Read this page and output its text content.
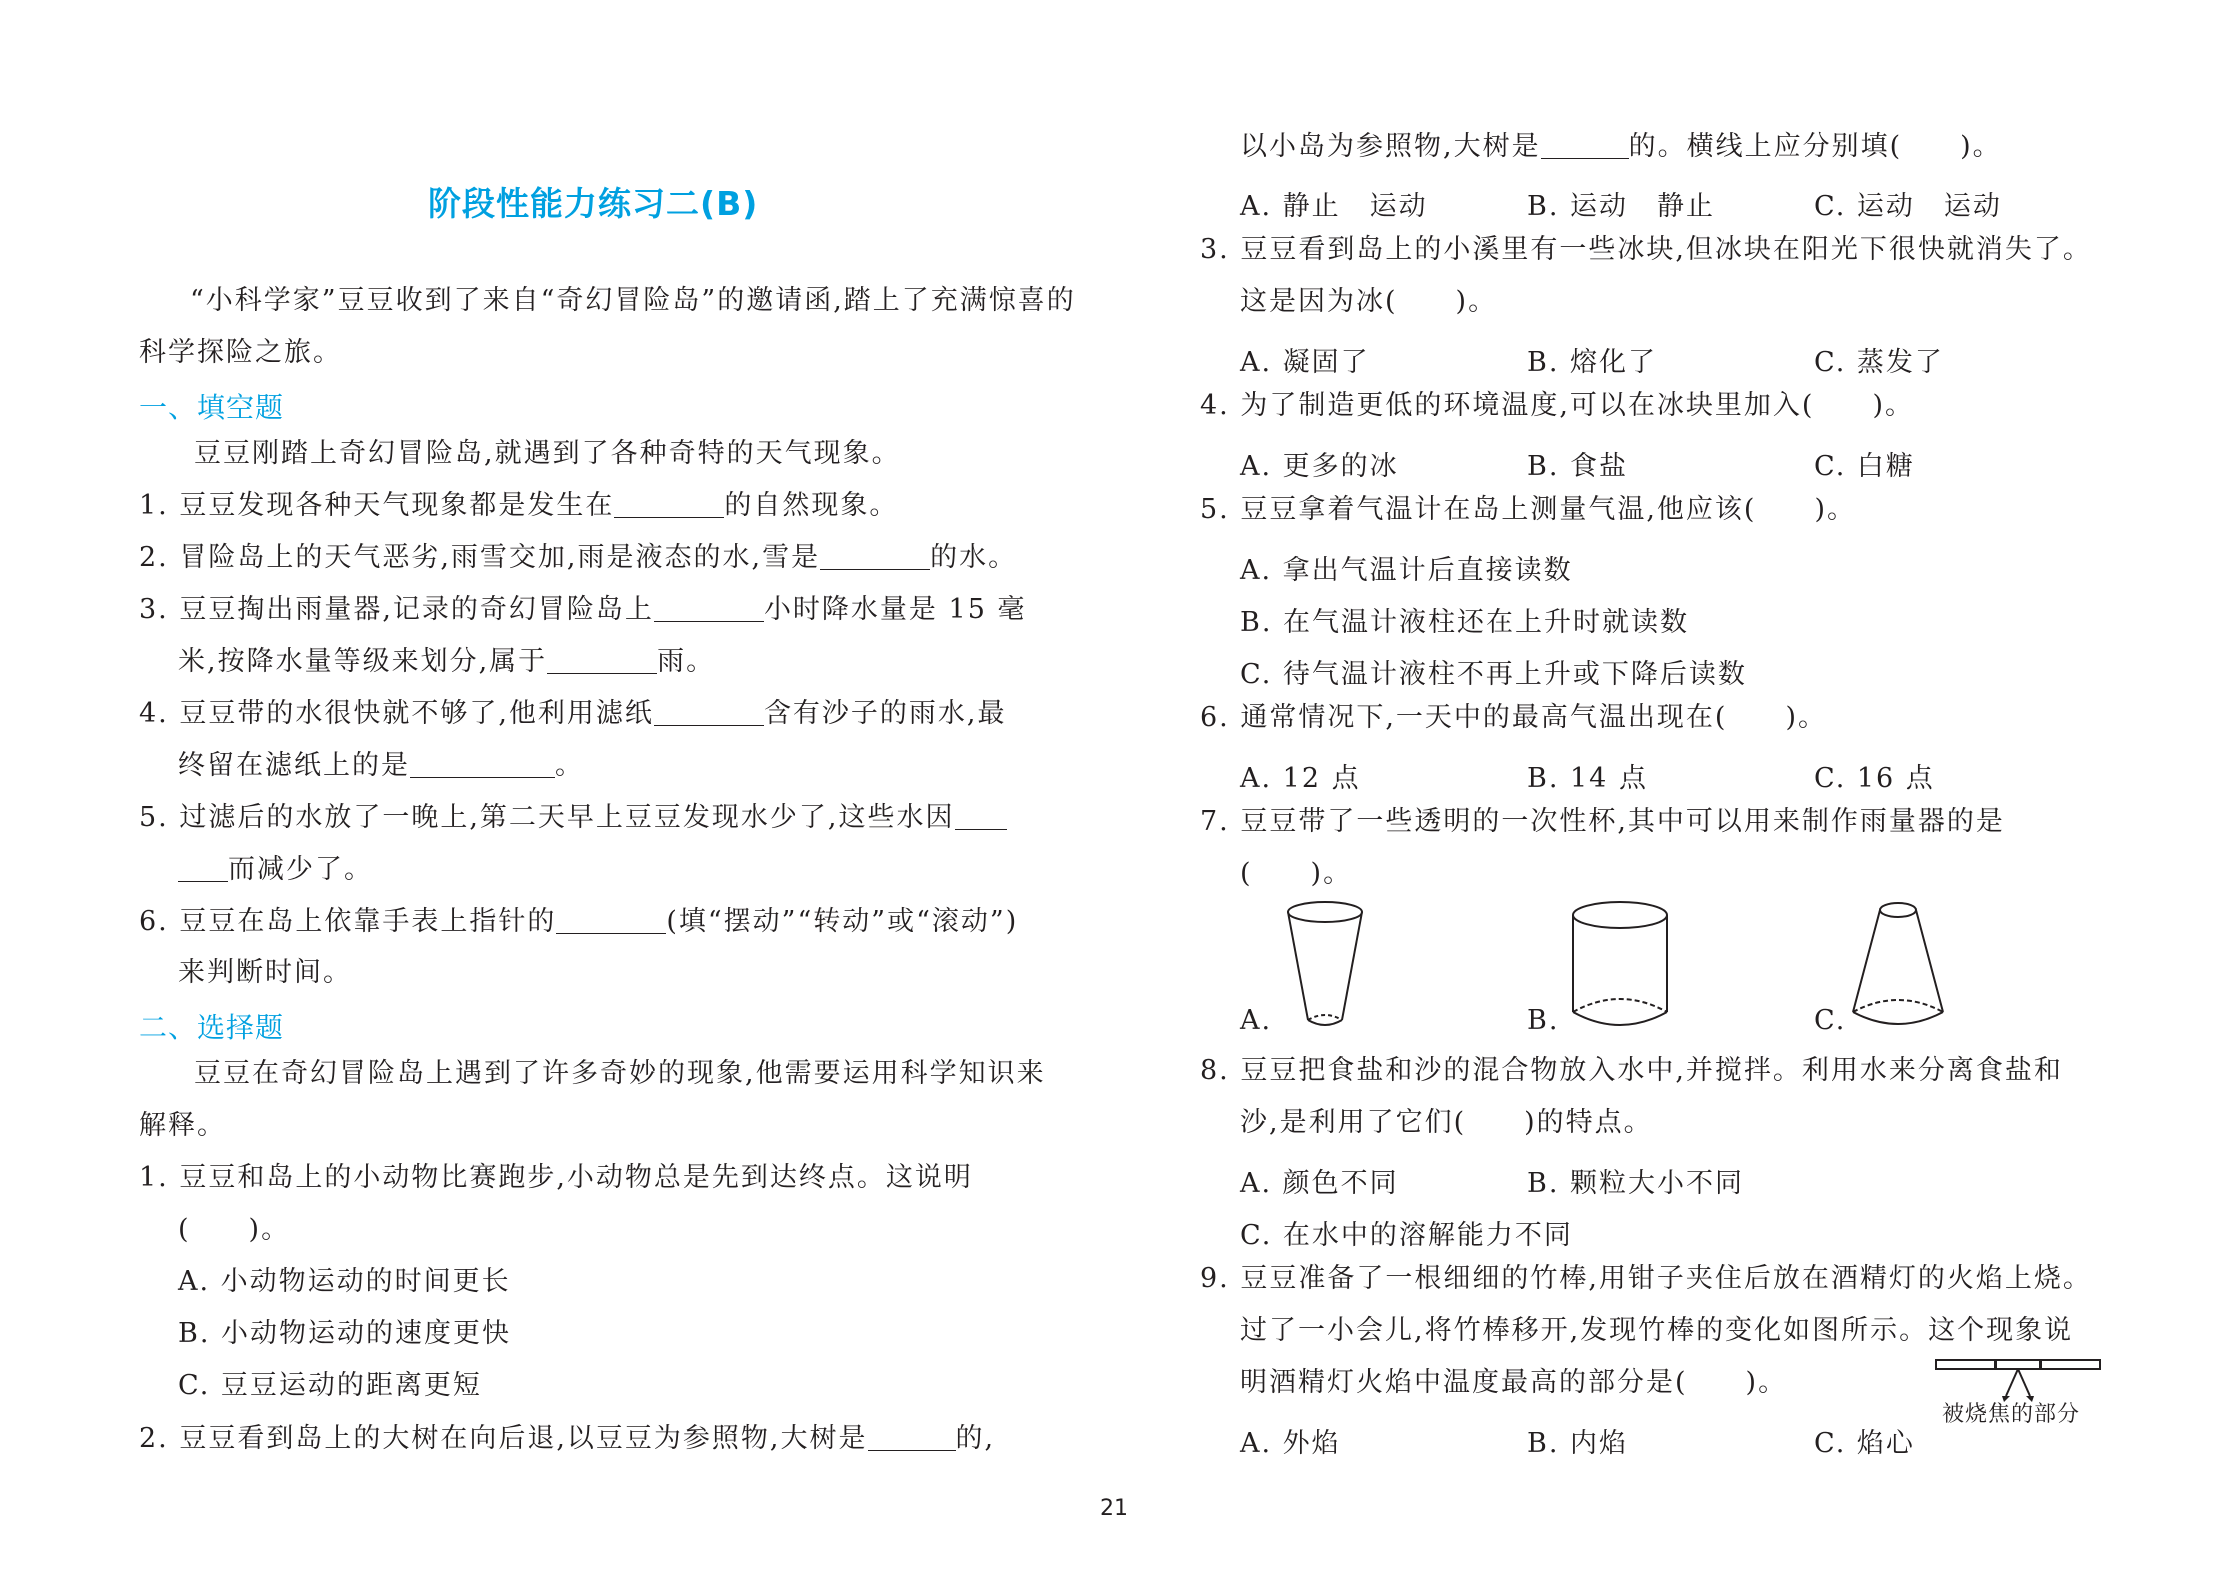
阶段性能力练习二(B)
“小科学家”豆豆收到了来自“奇幻冒险岛”的邀请函,踏上了充满惊喜的
科学探险之旅。
一、填空题
豆豆刚踏上奇幻冒险岛,就遇到了各种奇特的天气现象。
1. 豆豆发现各种天气现象都是发生在	的自然现象。
2. 冒险岛上的天气恶劣,雨雪交加,雨是液态的水,雪是	的水。
3. 豆豆掏出雨量器,记录的奇幻冒险岛上	小时降水量是 15 毫
米,按降水量等级来划分,属于	雨。
4. 豆豆带的水很快就不够了,他利用滤纸	含有沙子的雨水,最
终留在滤纸上的是	。
5. 过滤后的水放了一晚上,第二天早上豆豆发现水少了,这些水因
而减少了。
6. 豆豆在岛上依靠手表上指针的	(填“摆动”“转动”或“滚动”)
来判断时间。
二、选择题
豆豆在奇幻冒险岛上遇到了许多奇妙的现象,他需要运用科学知识来
解释。
1. 豆豆和岛上的小动物比赛跑步,小动物总是先到达终点。这说明
(　　)。
A. 小动物运动的时间更长
B. 小动物运动的速度更快
C. 豆豆运动的距离更短
2. 豆豆看到岛上的大树在向后退,以豆豆为参照物,大树是	的,
以小岛为参照物,大树是	的。横线上应分别填(　　)。
A. 静止　运动	B. 运动　静止	C. 运动　运动
3. 豆豆看到岛上的小溪里有一些冰块,但冰块在阳光下很快就消失了。
这是因为冰(　　)。
A. 凝固了	B. 熔化了	C. 蒸发了
4. 为了制造更低的环境温度,可以在冰块里加入(　　)。
A. 更多的冰	B. 食盐	C. 白糖
5. 豆豆拿着气温计在岛上测量气温,他应该(　　)。
A. 拿出气温计后直接读数
B. 在气温计液柱还在上升时就读数
C. 待气温计液柱不再上升或下降后读数
6. 通常情况下,一天中的最高气温出现在(　　)。
A. 12 点	B. 14 点	C. 16 点
7. 豆豆带了一些透明的一次性杯,其中可以用来制作雨量器的是
(　　)。
A.	B.	C.
8. 豆豆把食盐和沙的混合物放入水中,并搅拌。利用水来分离食盐和
沙,是利用了它们(　　)的特点。
A. 颜色不同	B. 颗粒大小不同
C. 在水中的溶解能力不同
9. 豆豆准备了一根细细的竹棒,用钳子夹住后放在酒精灯的火焰上烧。
过了一小会儿,将竹棒移开,发现竹棒的变化如图所示。这个现象说
明酒精灯火焰中温度最高的部分是(　　)。
A. 外焰	B. 内焰	C. 焰心
被烧焦的部分
21
